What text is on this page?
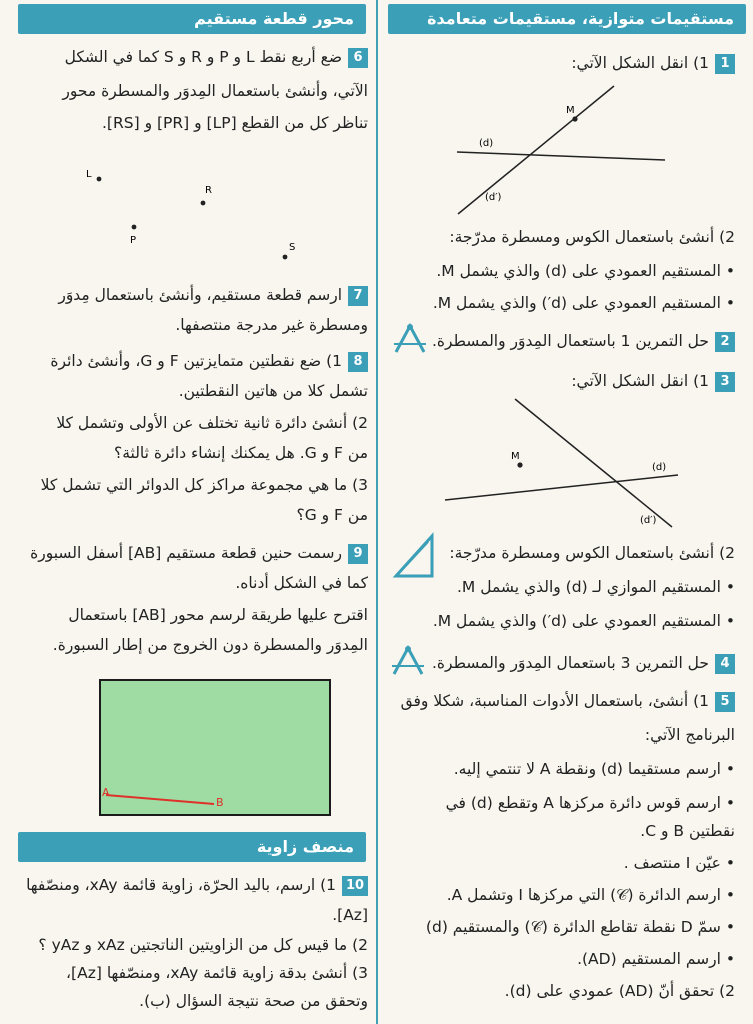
مستقيمات متوازية، مستقيمات متعامدة
11) انقل الشكل الآتي:
M
(d)
(d′)
2) أنشئ باستعمال الكوس ومسطرة مدرّجة:
• المستقيم العمودي على (d) والذي يشمل M.
• المستقيم العمودي على (d′) والذي يشمل M.
2حل التمرين 1 باستعمال المِدوَر والمسطرة.
31) انقل الشكل الآتي:
M
(d)
(d′)
2) أنشئ باستعمال الكوس ومسطرة مدرّجة:
• المستقيم الموازي لـ (d) والذي يشمل M.
• المستقيم العمودي على (d′) والذي يشمل M.
4حل التمرين 3 باستعمال المِدوَر والمسطرة.
51) أنشئ، باستعمال الأدوات المناسبة، شكلا وفق
البرنامج الآتي:
• ارسم مستقيما (d) ونقطة A لا تنتمي إليه.
• ارسم قوس دائرة مركزها A وتقطع (d) في
نقطتين B و C.
• عيّن I منتصف .
• ارسم الدائرة (𝒞) التي مركزها I وتشمل A.
• سمّ D نقطة تقاطع الدائرة (𝒞) والمستقيم (d)
• ارسم المستقيم (AD).
2) تحقق أنّ (AD) عمودي على (d).
محور قطعة مستقيم
6ضع أربع نقط L و P و R و S كما في الشكل
الآتي، وأنشئ باستعمال المِدوَر والمسطرة محور
تناظر كل من القطع [LP] و [PR] و [RS].
L
R
P
S
7ارسم قطعة مستقيم، وأنشئ باستعمال مِدوَر
ومسطرة غير مدرجة منتصفها.
81) ضع نقطتين متمايزتين F و G، وأنشئ دائرة
تشمل كلا من هاتين النقطتين.
2) أنشئ دائرة ثانية تختلف عن الأولى وتشمل كلا
من F و G. هل يمكنك إنشاء دائرة ثالثة؟
3) ما هي مجموعة مراكز كل الدوائر التي تشمل كلا
من F و G؟
9رسمت حنين قطعة مستقيم [AB] أسفل السبورة
كما في الشكل أدناه.
اقترح عليها طريقة لرسم محور [AB] باستعمال
المِدوَر والمسطرة دون الخروج من إطار السبورة.
A
B
منصف زاوية
101) ارسم، باليد الحرّة، زاوية قائمة xAy، ومنصّفها
[Az].
2) ما قيس كل من الزاويتين الناتجتين xAz و yAz ؟
3) أنشئ بدقة زاوية قائمة xAy، ومنصّفها [Az]،
وتحقق من صحة نتيجة السؤال (ب).
